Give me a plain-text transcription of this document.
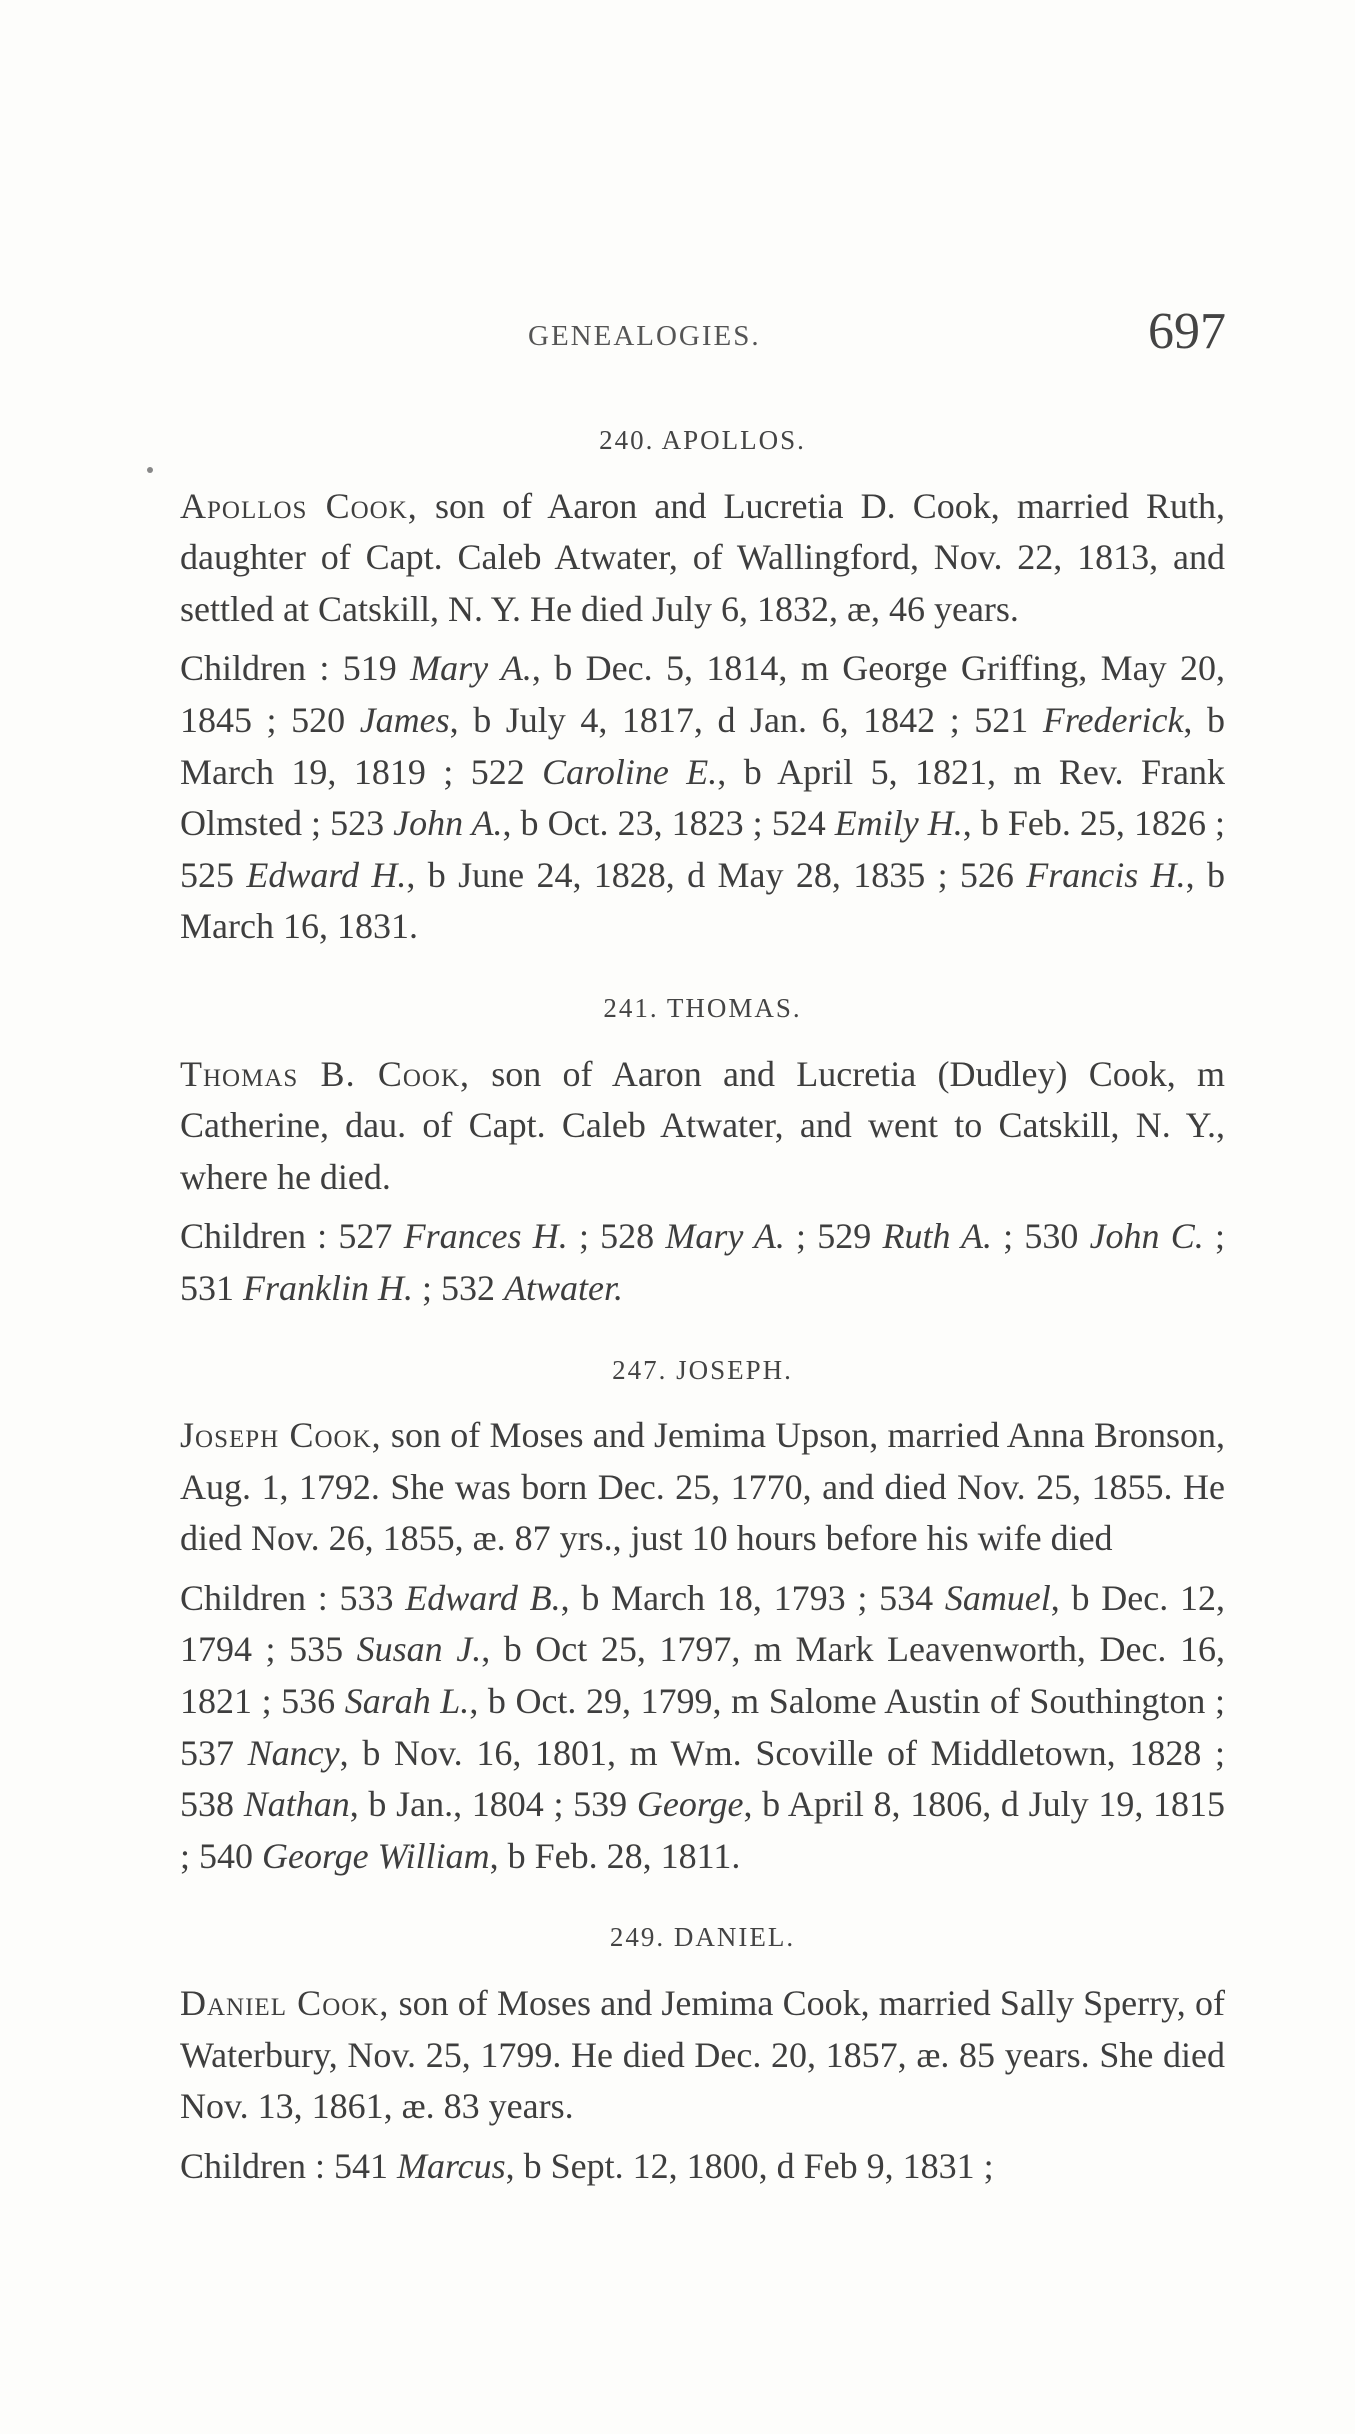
GENEALOGIES.	697
240. APOLLOS.

Apollos Cook, son of Aaron and Lucretia D. Cook, married Ruth, daughter of Capt. Caleb Atwater, of Wallingford, Nov. 22, 1813, and settled at Catskill, N. Y. He died July 6, 1832, æ, 46 years.

Children : 519 Mary A., b Dec. 5, 1814, m George Griffing, May 20, 1845 ; 520 James, b July 4, 1817, d Jan. 6, 1842 ; 521 Frederick, b March 19, 1819 ; 522 Caroline E., b April 5, 1821, m Rev. Frank Olmsted ; 523 John A., b Oct. 23, 1823 ; 524 Emily H., b Feb. 25, 1826 ; 525 Edward H., b June 24, 1828, d May 28, 1835 ; 526 Francis H., b March 16, 1831.

241. THOMAS.

Thomas B. Cook, son of Aaron and Lucretia (Dudley) Cook, m Catherine, dau. of Capt. Caleb Atwater, and went to Catskill, N. Y., where he died.

Children : 527 Frances H. ; 528 Mary A. ; 529 Ruth A. ; 530 John C. ; 531 Franklin H. ; 532 Atwater.

247. JOSEPH.

Joseph Cook, son of Moses and Jemima Upson, married Anna Bronson, Aug. 1, 1792. She was born Dec. 25, 1770, and died Nov. 25, 1855. He died Nov. 26, 1855, æ. 87 yrs., just 10 hours before his wife died

Children : 533 Edward B., b March 18, 1793 ; 534 Samuel, b Dec. 12, 1794 ; 535 Susan J., b Oct 25, 1797, m Mark Leavenworth, Dec. 16, 1821 ; 536 Sarah L., b Oct. 29, 1799, m Salome Austin of Southington ; 537 Nancy, b Nov. 16, 1801, m Wm. Scoville of Middletown, 1828 ; 538 Nathan, b Jan., 1804 ; 539 George, b April 8, 1806, d July 19, 1815 ; 540 George William, b Feb. 28, 1811.

249. DANIEL.

Daniel Cook, son of Moses and Jemima Cook, married Sally Sperry, of Waterbury, Nov. 25, 1799. He died Dec. 20, 1857, æ. 85 years. She died Nov. 13, 1861, æ. 83 years.

Children : 541 Marcus, b Sept. 12, 1800, d Feb 9, 1831 ;
